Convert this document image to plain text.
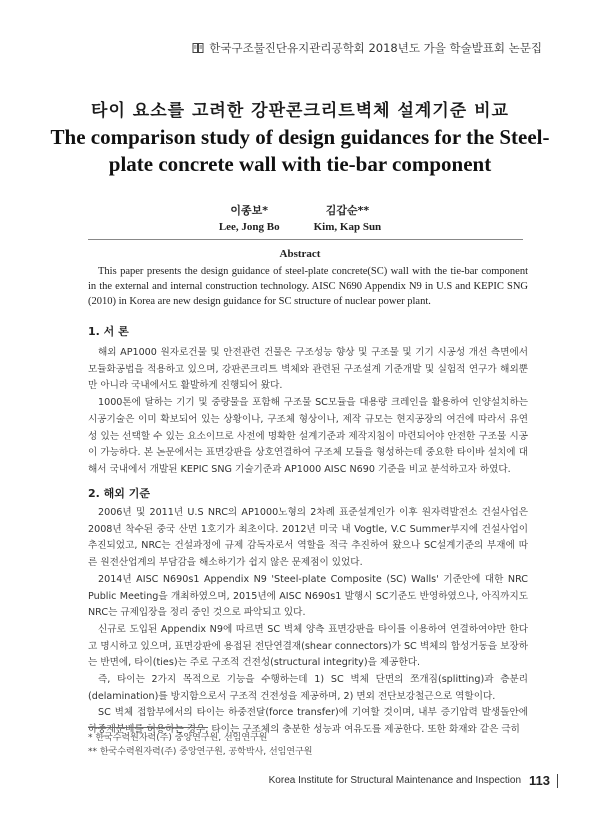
한국구조물진단유지관리공학회 2018년도 가을 학술발표회 논문집
타이 요소를 고려한 강판콘크리트벽체 설계기준 비교
The comparison study of design guidances for the Steel-plate concrete wall with tie-bar component
이종보*
Lee, Jong Bo
김갑순**
Kim, Kap Sun
Abstract

This paper presents the design guidance of steel-plate concrete(SC) wall with the tie-bar component in the external and internal construction technology. AISC N690 Appendix N9 in U.S and KEPIC SNG (2010) in Korea are new design guidance for SC structure of nuclear power plant.

1. 서 론

해외 AP1000 원자로건물 및 안전관련 건물은 구조성능 향상 및 구조물 및 기기 시공성 개선 측면에서 모듈화공법을 적용하고 있으며, 강판콘크리트 벽체와 관련된 구조설계 기준개발 및 실험적 연구가 해외뿐만 아니라 국내에서도 활발하게 진행되어 왔다.

1000톤에 달하는 기기 및 중량물을 포함해 구조물 SC모듈을 대용량 크레인을 활용하여 인양설치하는 시공기술은 이미 확보되어 있는 상황이나, 구조체 형상이나, 제작 규모는 현지공장의 여건에 따라서 유연성 있는 선택할 수 있는 요소이므로 사전에 명확한 설계기준과 제작지침이 마련되어야 안전한 구조물 시공이 가능하다. 본 논문에서는 표면강판을 상호연결하여 구조체 모듈을 형성하는데 중요한 타이바 설치에 대해서 국내에서 개발된 KEPIC SNG 기술기준과 AP1000 AISC N690 기준을 비교 분석하고자 하였다.

2. 해외 기준

2006년 및 2011년 U.S NRC의 AP1000노형의 2차례 표준설계인가 이후 원자력발전소 건설사업은 2008년 착수된 중국 산먼 1호기가 최초이다. 2012년 미국 내 Vogtle, V.C Summer부지에 건설사업이 추진되었고, NRC는 건설과정에 규제 감독자로서 역할을 적극 추진하여 왔으나 SC설계기준의 부재에 따른 원전산업계의 부담감을 해소하기가 쉽지 않은 문제점이 있었다.

2014년 AISC N690s1 Appendix N9 'Steel-plate Composite (SC) Walls' 기준안에 대한 NRC Public Meeting을 개최하였으며, 2015년에 AISC N690s1 발행시 SC기준도 반영하였으나, 아직까지도 NRC는 규제입장을 정리 중인 것으로 파악되고 있다.

신규로 도입된 Appendix N9에 따르면 SC 벽체 양측 표면강판을 타이를 이용하여 연결하여야만 한다고 명시하고 있으며, 표면강판에 용접된 전단연결재(shear connectors)가 SC 벽체의 합성거동을 보장하는 반면에, 타이(ties)는 주로 구조적 건전성(structural integrity)을 제공한다.

즉, 타이는 2가지 목적으로 기능을 수행하는데 1) SC 벽체 단면의 쪼개짐(splitting)과 층분리(delamination)를 방지함으로서 구조적 건전성을 제공하며, 2) 면외 전단보강철근으로 역할이다.

SC 벽체 접합부에서의 타이는 하중전달(force transfer)에 기여할 것이며, 내부 증기압력 발생돌안에 하중재분배를 허용하는 경우, 타이는 구조체의 충분한 성능과 여유도를 제공한다. 또한 화재와 같은 극히

* 한국수력원자력(주) 중앙연구원, 선임연구원
** 한국수력원자력(주) 중앙연구원, 공학박사, 선임연구원
Korea Institute for Structural Maintenance and Inspection 113
